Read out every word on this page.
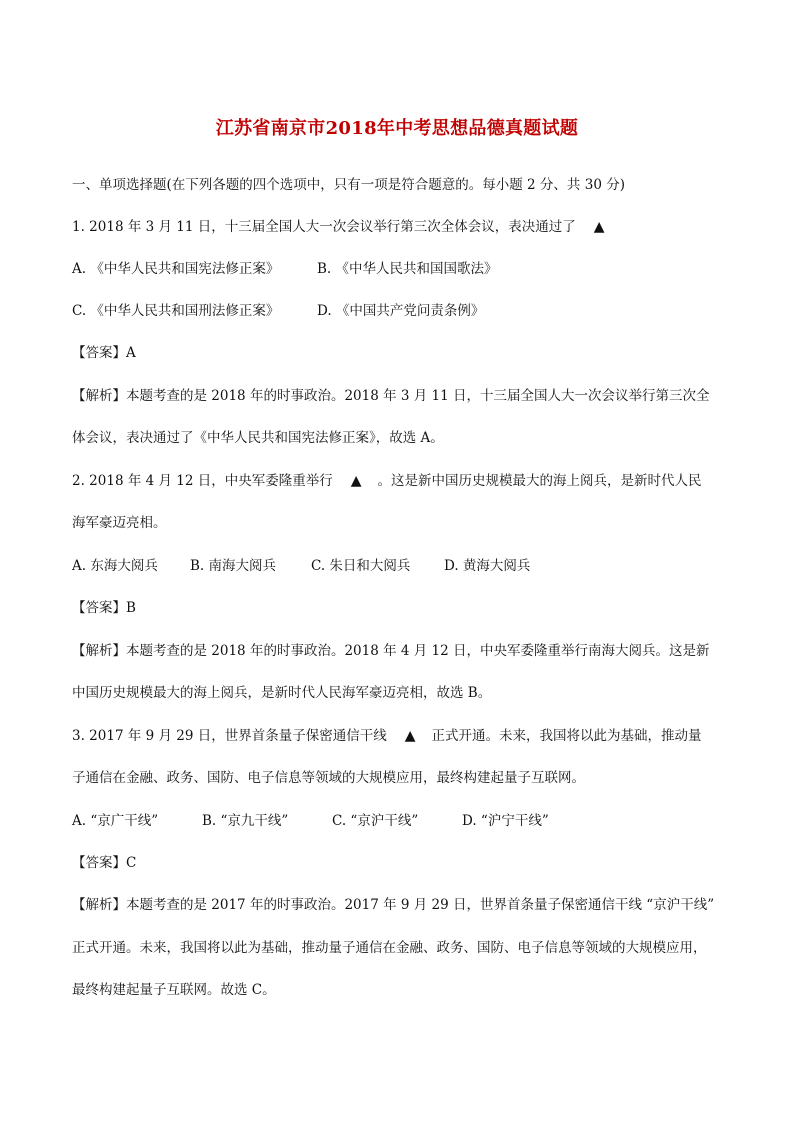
江苏省南京市2018年中考思想品德真题试题
一、单项选择题(在下列各题的四个选项中，只有一项是符合题意的。每小题 2 分、共 30 分)
1. 2018 年 3 月 11 日，十三届全国人大一次会议举行第三次全体会议，表决通过了 ▲
A. 《中华人民共和国宪法修正案》	B. 《中华人民共和国国歌法》
C. 《中华人民共和国刑法修正案》	D. 《中国共产党问责条例》
【答案】A
【解析】本题考查的是 2018 年的时事政治。2018 年 3 月 11 日，十三届全国人大一次会议举行第三次全
体会议，表决通过了《中华人民共和国宪法修正案》，故选 A。
2. 2018 年 4 月 12 日，中央军委隆重举行 ▲ 。这是新中国历史规模最大的海上阅兵，是新时代人民
海军豪迈亮相。
A. 东海大阅兵 B. 南海大阅兵	C. 朱日和大阅兵 D. 黄海大阅兵
【答案】B
【解析】本题考查的是 2018 年的时事政治。2018 年 4 月 12 日，中央军委隆重举行南海大阅兵。这是新
中国历史规模最大的海上阅兵，是新时代人民海军豪迈亮相，故选 B。
3. 2017 年 9 月 29 日，世界首条量子保密通信干线 ▲ 正式开通。未来，我国将以此为基础，推动量
子通信在金融、政务、国防、电子信息等领域的大规模应用，最终构建起量子互联网。
A. “京广干线”	B. “京九干线”	C. “京沪干线”	D. “沪宁干线”
【答案】C
【解析】本题考查的是 2017 年的时事政治。2017 年 9 月 29 日，世界首条量子保密通信干线 “京沪干线”
正式开通。未来，我国将以此为基础，推动量子通信在金融、政务、国防、电子信息等领域的大规模应用，
最终构建起量子互联网。故选 C。
